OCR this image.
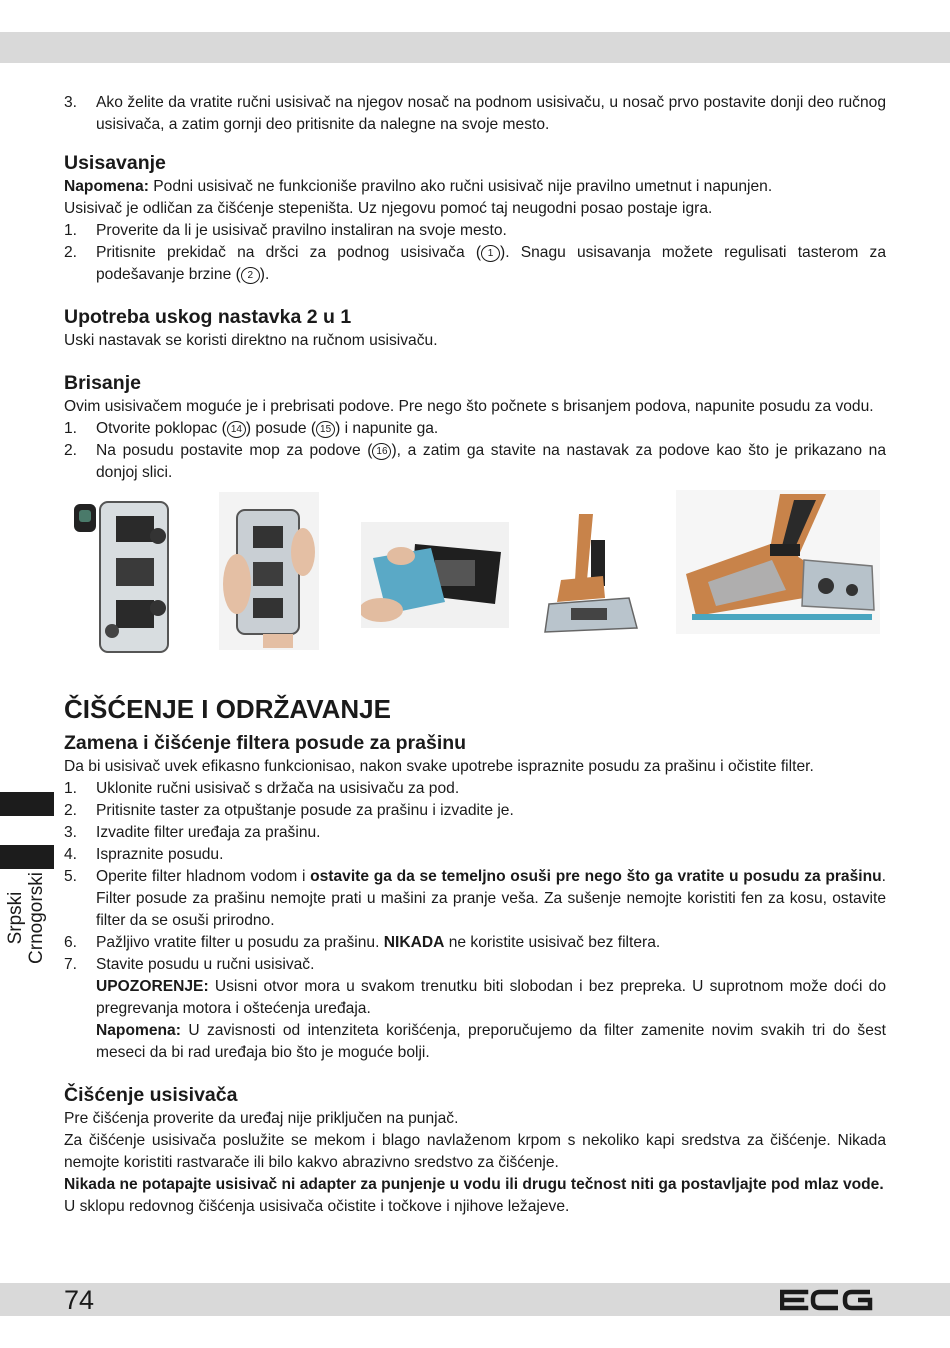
Srpski Crnogorski
3. Ako želite da vratite ručni usisivač na njegov nosač na podnom usisivaču, u nosač prvo postavite donji deo ručnog usisivača, a zatim gornji deo pritisnite da nalegne na svoje mesto.
Usisavanje

Napomena: Podni usisivač ne funkcioniše pravilno ako ručni usisivač nije pravilno umetnut i napunjen.

Usisivač je odličan za čišćenje stepeništa. Uz njegovu pomoć taj neugodni posao postaje igra.

1. Proverite da li je usisivač pravilno instaliran na svoje mesto.
2. Pritisnite prekidač na dršci za podnog usisivača ( 1 ). Snagu usisavanja možete regulisati tasterom za podešavanje brzine ( 2 ).
Upotreba uskog nastavka 2 u 1

Uski nastavak se koristi direktno na ručnom usisivaču.

Brisanje

Ovim usisivačem moguće je i prebrisati podove. Pre nego što počnete s brisanjem podova, napunite posudu za vodu.

1. Otvorite poklopac ( 14 ) posude ( 15 ) i napunite ga.
2. Na posudu postavite mop za podove ( 16 ), a zatim ga stavite na nastavak za podove kao što je prikazano na donjoj slici.
ČIŠĆENJE I ODRŽAVANJE
Zamena i čišćenje filtera posude za prašinu

Da bi usisivač uvek efikasno funkcionisao, nakon svake upotrebe ispraznite posudu za prašinu i očistite filter.

1. Uklonite ručni usisivač s držača na usisivaču za pod.
2. Pritisnite taster za otpuštanje posude za prašinu i izvadite je.
3. Izvadite filter uređaja za prašinu.
4. Ispraznite posudu.
5. Operite filter hladnom vodom i ostavite ga da se temeljno osuši pre nego što ga vratite u posudu za prašinu. Filter posude za prašinu nemojte prati u mašini za pranje veša. Za sušenje nemojte koristiti fen za kosu, ostavite filter da se osuši prirodno.
6. Pažljivo vratite filter u posudu za prašinu. NIKADA ne koristite usisivač bez filtera.
7. Stavite posudu u ručni usisivač.
UPOZORENJE: Usisni otvor mora u svakom trenutku biti slobodan i bez prepreka. U suprotnom može doći do pregrevanja motora i oštećenja uređaja.
Napomena: U zavisnosti od intenziteta korišćenja, preporučujemo da filter zamenite novim svakih tri do šest meseci da bi rad uređaja bio što je moguće bolji.
Čišćenje usisivača

Pre čišćenja proverite da uređaj nije priključen na punjač.

Za čišćenje usisivača poslužite se mekom i blago navlaženom krpom s nekoliko kapi sredstva za čišćenje. Nikada nemojte koristiti rastvarače ili bilo kakvo abrazivno sredstvo za čišćenje.

Nikada ne potapajte usisivač ni adapter za punjenje u vodu ili drugu tečnost niti ga postavljajte pod mlaz vode.

U sklopu redovnog čišćenja usisivača očistite i točkove i njihove ležajeve.

74
